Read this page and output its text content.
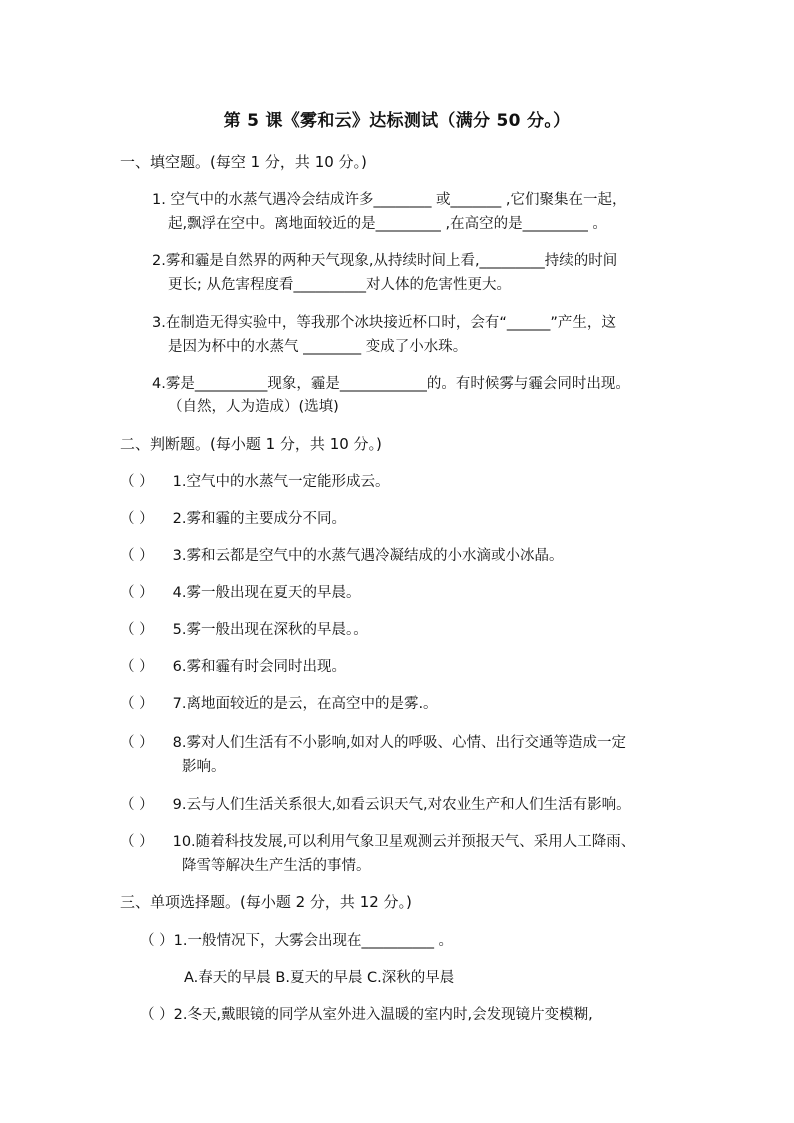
第 5 课《雾和云》达标测试（满分 50 分。）
一、填空题。(每空 1 分，共 10 分。)
1. 空气中的水蒸气遇冷会结成许多________ 或_______ ,它们聚集在一起，
起,飘浮在空中。离地面较近的是_________ ,在高空的是_________ 。
2.雾和霾是自然界的两种天气现象,从持续时间上看,_________持续的时间
更长; 从危害程度看__________对人体的危害性更大。
3.在制造无得实验中，等我那个冰块接近杯口时，会有“______”产生，这
是因为杯中的水蒸气 ________ 变成了小水珠。
4.雾是__________现象，霾是____________的。有时候雾与霾会同时出现。
（自然，人为造成）(选填)
二、判断题。(每小题 1 分，共 10 分。)
（ ） 1.空气中的水蒸气一定能形成云。
（ ） 2.雾和霾的主要成分不同。
（ ） 3.雾和云都是空气中的水蒸气遇冷凝结成的小水滴或小冰晶。
（ ） 4.雾一般出现在夏天的早晨。
（ ） 5.雾一般出现在深秋的早晨。。
（ ） 6.雾和霾有时会同时出现。
（ ） 7.离地面较近的是云，在高空中的是雾.。
（ ） 8.雾对人们生活有不小影响,如对人的呼吸、心情、出行交通等造成一定
影响。
（ ） 9.云与人们生活关系很大,如看云识天气,对农业生产和人们生活有影响。
（ ） 10.随着科技发展,可以利用气象卫星观测云并预报天气、采用人工降雨、
降雪等解决生产生活的事情。
三、单项选择题。(每小题 2 分，共 12 分。)
（ ）1.一般情况下，大雾会出现在__________ 。
A.春天的早晨 B.夏天的早晨 C.深秋的早晨
（ ）2.冬天,戴眼镜的同学从室外进入温暖的室内时,会发现镜片变模糊,
